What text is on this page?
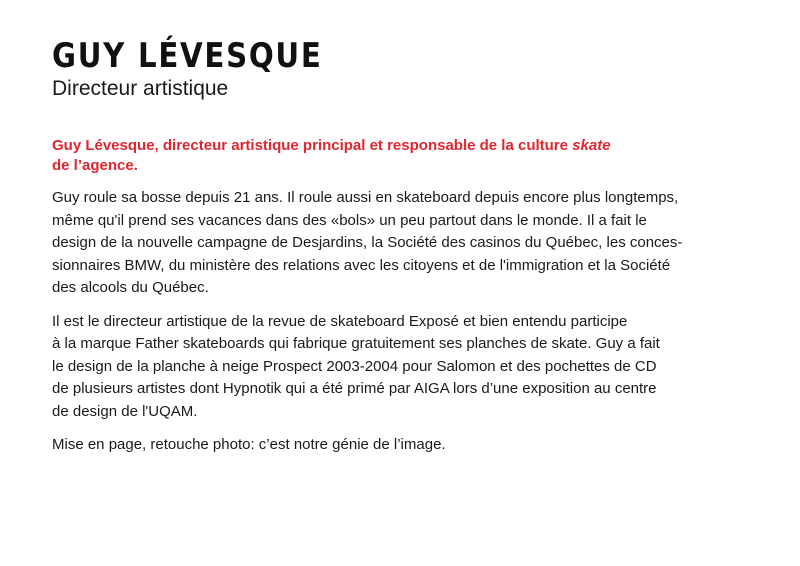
GUY LÉVESQUE

Directeur artistique

Guy Lévesque, directeur artistique principal et responsable de la culture skate
de l’agence.

Guy roule sa bosse depuis 21 ans. Il roule aussi en skateboard depuis encore plus longtemps,
même qu'il prend ses vacances dans des «bols» un peu partout dans le monde. Il a fait le
design de la nouvelle campagne de Desjardins, la Société des casinos du Québec, les conces-
sionnaires BMW, du ministère des relations avec les citoyens et de l'immigration et la Société
des alcools du Québec.

Il est le directeur artistique de la revue de skateboard Exposé et bien entendu participe
à la marque Father skateboards qui fabrique gratuitement ses planches de skate. Guy a fait
le design de la planche à neige Prospect 2003-2004 pour Salomon et des pochettes de CD
de plusieurs artistes dont Hypnotik qui a été primé par AIGA lors d’une exposition au centre
de design de l'UQAM.

Mise en page, retouche photo: c’est notre génie de l’image.
